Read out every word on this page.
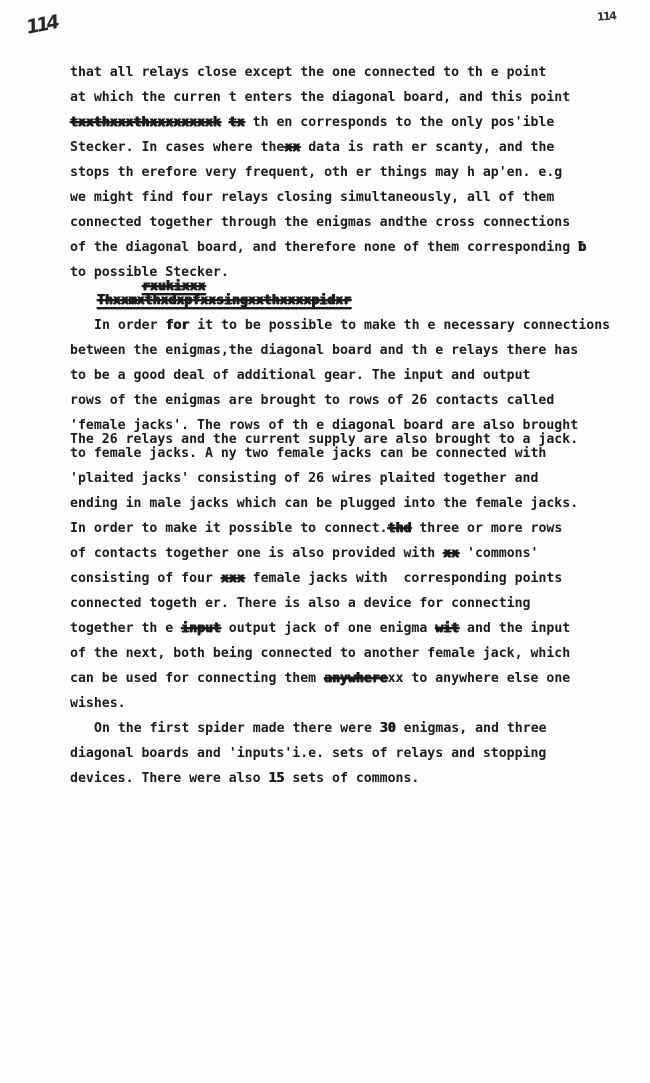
114	114
that all relays close except the one connected to th e point
at which the curren t enters the diagonal board, and this point
txxthxxxthxxxxxxxxk tx th en corresponds to the only pos'ible
Stecker. In cases where thexx data is rath er scanty, and the
stops th erefore very frequent, oth er things may h ap'en. e.g
we might find four relays closing simultaneously, all of them
connected together through the enigmas andthe cross connections
of the diagonal board, and therefore none of them corresponding ƀ
to possible Stecker.
rxukixxx
Thxxmxthxdxpfxxsingxxthxxxxpidxr
In order for it to be possible to make th e necessary connections
between the enigmas,the diagonal board and th e relays there has
to be a good deal of additional gear. The input and output
rows of the enigmas are brought to rows of 26 contacts called
'female jacks'. The rows of th e diagonal board are also brought
The 26 relays and the current supply are also brought to a jack.
to female jacks. A ny two female jacks can be connected with
'plaited jacks' consisting of 26 wires plaited together and
ending in male jacks which can be plugged into the female jacks.
In order to make it possible to connect.thd three or more rows
of contacts together one is also provided with xx 'commons'
consisting of four xxx female jacks with  corresponding points
connected togeth er. There is also a device for connecting
together th e input output jack of one enigma wit and the input
of the next, both being connected to another female jack, which
can be used for connecting them anywherexx to anywhere else one
wishes.
On the first spider made there were 30 enigmas, and three
diagonal boards and 'inputs'i.e. sets of relays and stopping
devices. There were also 15 sets of commons.
